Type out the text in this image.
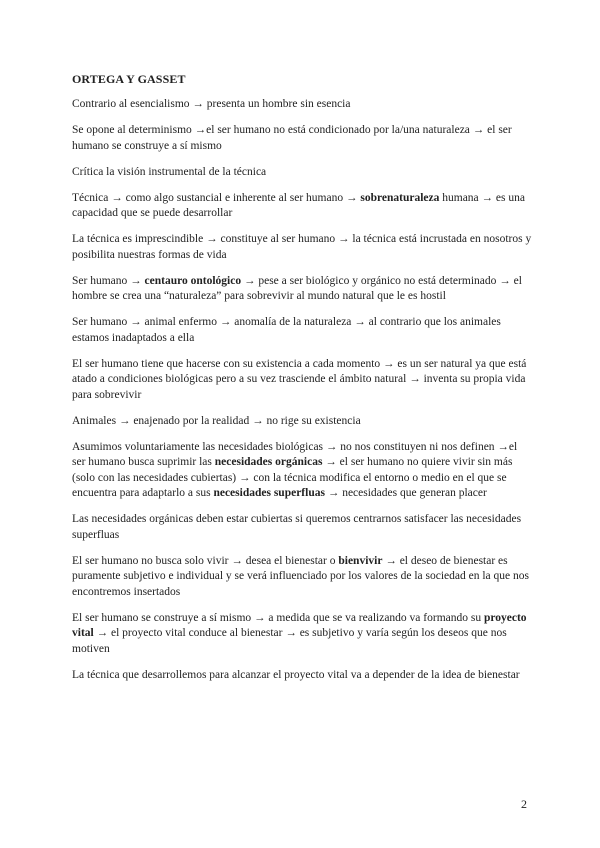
ORTEGA Y GASSET

Contrario al esencialismo → presenta un hombre sin esencia

Se opone al determinismo →el ser humano no está condicionado por la/una naturaleza → el ser humano se construye a sí mismo

Crítica la visión instrumental de la técnica

Técnica → como algo sustancial e inherente al ser humano → sobrenaturaleza humana → es una capacidad que se puede desarrollar

La técnica es imprescindible → constituye al ser humano → la técnica está incrustada en nosotros y posibilita nuestras formas de vida

Ser humano → centauro ontológico → pese a ser biológico y orgánico no está determinado → el hombre se crea una “naturaleza” para sobrevivir al mundo natural que le es hostil

Ser humano → animal enfermo → anomalía de la naturaleza → al contrario que los animales estamos inadaptados a ella

El ser humano tiene que hacerse con su existencia a cada momento → es un ser natural ya que está atado a condiciones biológicas pero a su vez trasciende el ámbito natural → inventa su propia vida para sobrevivir

Animales → enajenado por la realidad → no rige su existencia

Asumimos voluntariamente las necesidades biológicas → no nos constituyen ni nos definen →el ser humano busca suprimir las necesidades orgánicas → el ser humano no quiere vivir sin más (solo con las necesidades cubiertas) → con la técnica modifica el entorno o medio en el que se encuentra para adaptarlo a sus necesidades superfluas → necesidades que generan placer

Las necesidades orgánicas deben estar cubiertas si queremos centrarnos satisfacer las necesidades superfluas

El ser humano no busca solo vivir → desea el bienestar o bienvivir → el deseo de bienestar es puramente subjetivo e individual y se verá influenciado por los valores de la sociedad en la que nos encontremos insertados

El ser humano se construye a sí mismo → a medida que se va realizando va formando su proyecto vital → el proyecto vital conduce al bienestar → es subjetivo y varía según los deseos que nos motiven

La técnica que desarrollemos para alcanzar el proyecto vital va a depender de la idea de bienestar

2
